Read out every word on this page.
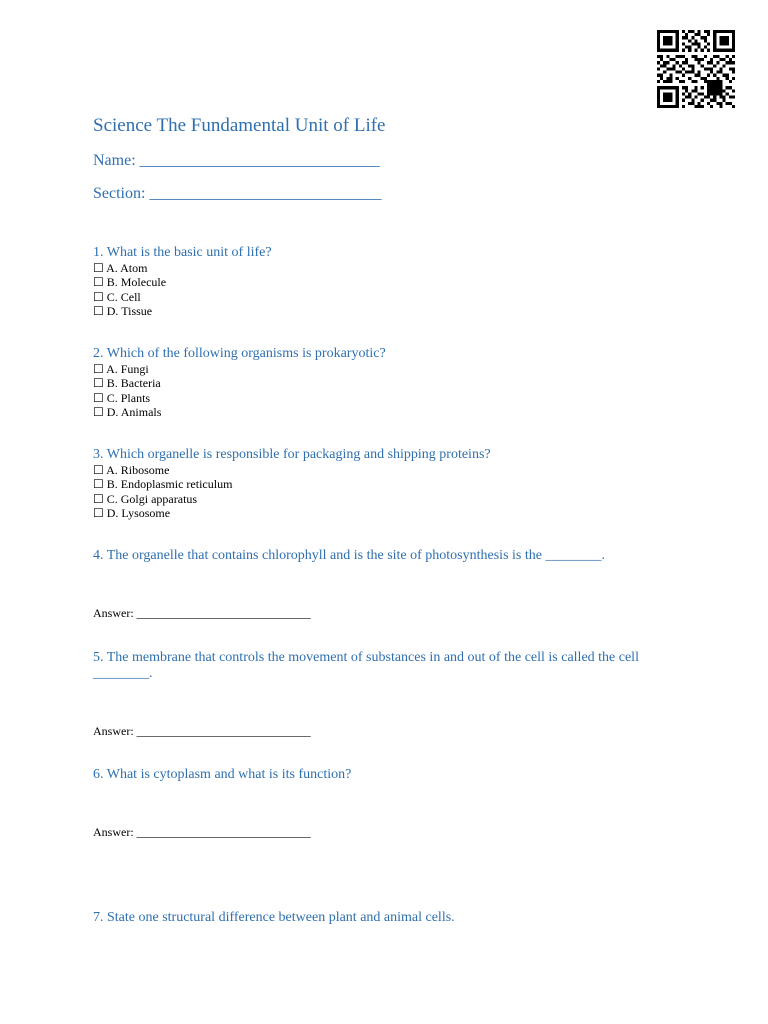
Science The Fundamental Unit of Life
Name: ______________________________
Section: _____________________________
1. What is the basic unit of life?
☐ A. Atom
☐ B. Molecule
☐ C. Cell
☐ D. Tissue
2. Which of the following organisms is prokaryotic?
☐ A. Fungi
☐ B. Bacteria
☐ C. Plants
☐ D. Animals
3. Which organelle is responsible for packaging and shipping proteins?
☐ A. Ribosome
☐ B. Endoplasmic reticulum
☐ C. Golgi apparatus
☐ D. Lysosome
4. The organelle that contains chlorophyll and is the site of photosynthesis is the ________.
Answer: _____________________________
5. The membrane that controls the movement of substances in and out of the cell is called the cell ________.
Answer: _____________________________
6. What is cytoplasm and what is its function?
Answer: _____________________________
7. State one structural difference between plant and animal cells.
